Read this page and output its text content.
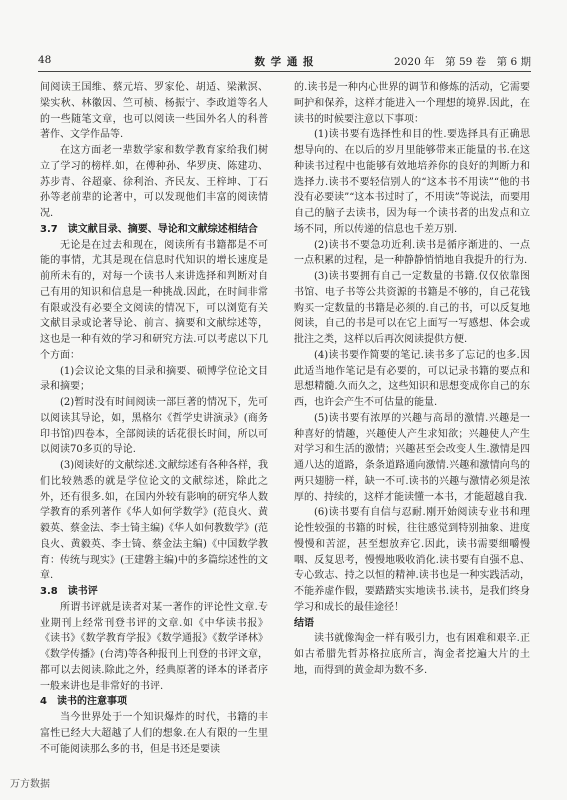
48	数 学 通 报	2020 年　第 59 卷　第 6 期

间阅读王国维、蔡元培、罗家伦、胡适、梁漱溟、梁实秋、林徽因、竺可桢、杨振宁、李政道等名人的一些随笔文章，也可以阅读一些国外名人的科普著作、文学作品等.

在这方面老一辈数学家和数学教育家给我们树立了学习的榜样.如，在傅种孙、华罗庚、陈建功、苏步青、谷超豪、徐利治、齐民友、王梓坤、丁石孙等老前辈的论著中，可以发现他们丰富的阅读情况.

3.7　读文献目录、摘要、导论和文献综述相结合

无论是在过去和现在，阅读所有书籍都是不可能的事情，尤其是现在信息时代知识的增长速度是前所未有的，对每一个读书人来讲选择和判断对自己有用的知识和信息是一种挑战.因此，在时间非常有限或没有必要全文阅读的情况下，可以浏览有关文献目录或论著导论、前言、摘要和文献综述等，这也是一种有效的学习和研究方法.可以考虑以下几个方面：

(1)会议论文集的目录和摘要、硕博学位论文目录和摘要；

(2)暂时没有时间阅读一部巨著的情况下，先可以阅读其导论，如，黑格尔《哲学史讲演录》(商务印书馆)四卷本，全部阅读的话花很长时间，所以可以阅读70多页的导论.

(3)阅读好的文献综述.文献综述有各种各样，我们比较熟悉的就是学位论文的文献综述，除此之外，还有很多.如，在国内外较有影响的研究华人数学教育的系列著作《华人如何学数学》(范良火、黄毅英、蔡金法、李士锜主编)《华人如何教数学》(范良火、黄毅英、李士锜、蔡金法主编)《中国数学教育：传统与现实》(王建磐主编)中的多篇综述性的文章.

3.8　读书评

所谓书评就是读者对某一著作的评论性文章.专业期刊上经常刊登书评的文章.如《中华读书报》《读书》《数学教育学报》《数学通报》《数学译林》《数学传播》(台湾)等各种报刊上刊登的书评文章，都可以去阅读.除此之外，经典原著的译本的译者序一般来讲也是非常好的书评.

4　读书的注意事项

当今世界处于一个知识爆炸的时代，书籍的丰富性已经大大超越了人们的想象.在人有限的一生里不可能阅读那么多的书，但是书还是要读

的.读书是一种内心世界的调节和修炼的活动，它需要呵护和保养，这样才能进入一个理想的境界.因此，在读书的时候要注意以下事项：

(1)读书要有选择性和目的性.要选择具有正确思想导向的、在以后的岁月里能够带来正能量的书.在这种读书过程中也能够有效地培养你的良好的判断力和选择力.读书不要轻信别人的“这本书不用读”“他的书没有必要读”“这本书过时了，不用读”等说法，而要用自己的脑子去读书，因为每一个读书者的出发点和立场不同，所以传递的信息也千差万别.

(2)读书不要急功近利.读书是循序渐进的、一点一点积累的过程，是一种静静悄悄地自我提升的行为.

(3)读书要拥有自己一定数量的书籍.仅仅依靠图书馆、电子书等公共资源的书籍是不够的，自己花钱购买一定数量的书籍是必须的.自己的书，可以反复地阅读，自己的书是可以在它上面写一写感想、体会或批注之类，这样以后再次阅读提供方便.

(4)读书要作简要的笔记.读书多了忘记的也多.因此适当地作笔记是有必要的，可以记录书籍的要点和思想精髓.久而久之，这些知识和思想变成你自己的东西，也许会产生不可估量的能量.

(5)读书要有浓厚的兴趣与高昂的激情.兴趣是一种喜好的情趣，兴趣使人产生求知欲；兴趣使人产生对学习和生活的激情；兴趣甚至会改变人生.激情是四通八达的道路，条条道路通向激情.兴趣和激情向鸟的两只翅膀一样，缺一不可.读书的兴趣与激情必须是浓厚的、持续的，这样才能读懂一本书，才能超越自我.

(6)读书要有自信与忍耐.刚开始阅读专业书和理论性较强的书籍的时候，往往感觉到特别抽象、进度慢慢和苦涩，甚至想放弃它.因此，读书需要细嚼慢咽、反复思考，慢慢地吸收消化.读书要有自强不息、专心致志、持之以恒的精神.读书也是一种实践活动，不能养虚作假，要踏踏实实地读书.读书，是我们终身学习和成长的最佳途径！

结语

读书就像淘金一样有吸引力，也有困难和艰辛.正如古希腊先哲苏格拉底所言，淘金者挖遍大片的土地，而得到的黄金却为数不多.

万方数据
